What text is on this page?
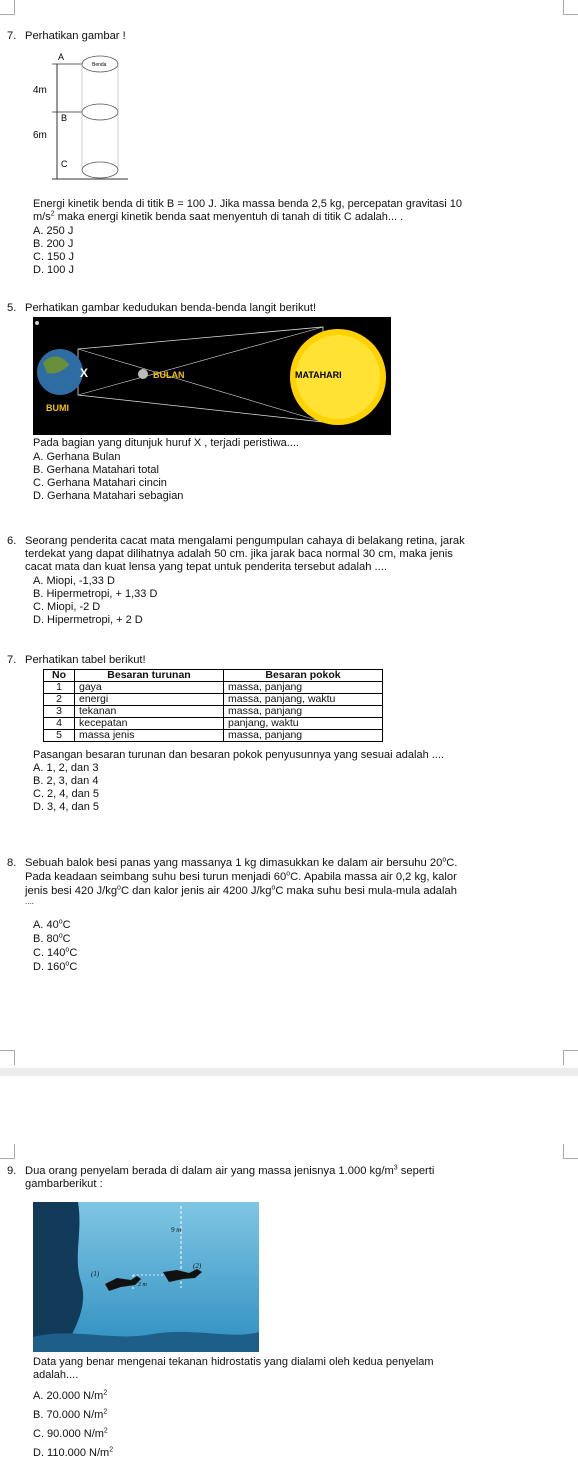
7. Perhatikan gambar !
A
Benda
4m
B
6m
C
Energi kinetik benda di titik B = 100 J. Jika massa benda 2,5 kg, percepatan gravitasi 10
$m/s^2$ maka energi kinetik benda saat menyentuh di tanah di titik C adalah... .
A. 250 J
B. 200 J
C. 150 J
D. 100 J
5. Perhatikan gambar kedudukan benda-benda langit berikut!
X	BULAN	MATAHARI
BUMI
Pada bagian yang ditunjuk huruf X , terjadi peristiwa....
A. Gerhana Bulan
B. Gerhana Matahari total
C. Gerhana Matahari cincin
D. Gerhana Matahari sebagian
6. Seorang penderita cacat mata mengalami pengumpulan cahaya di belakang retina, jarak
terdekat yang dapat dilihatnya adalah 50 cm. jika jarak baca normal 30 cm, maka jenis
cacat mata dan kuat lensa yang tepat untuk penderita tersebut adalah ....
A. Miopi, -1,33 D
B. Hipermetropi, + 1,33 D
C. Miopi, -2 D
D. Hipermetropi, + 2 D
7. Perhatikan tabel berikut!
No	Besaran turunan	Besaran pokok
1	gaya	massa, panjang
2	energi	massa, panjang, waktu
3	tekanan	massa, panjang
4	kecepatan	panjang, waktu
5	massa jenis	massa, panjang
Pasangan besaran turunan dan besaran pokok penyusunnya yang sesuai adalah ....
A. 1, 2, dan 3
B. 2, 3, dan 4
C. 2, 4, dan 5
D. 3, 4, dan 5
8. Sebuah balok besi panas yang massanya 1 kg dimasukkan ke dalam air bersuhu 20$^o$C.
Pada keadaan seimbang suhu besi turun menjadi 60$^o$C. Apabila massa air 0,2 kg, kalor
jenis besi 420 $J/kg^oC$ dan kalor jenis air 4200 $J/kg^oC$ maka suhu besi mula-mula adalah
....
A. 40$^o$C
B. 80$^o$C
C. 140$^o$C
D. 160$^o$C
9. Dua orang penyelam berada di dalam air yang massa jenisnya 1.000 $kg/m^3$ seperti
gambarberikut :
9 m
2 m
(1)
(2)
Data yang benar mengenai tekanan hidrostatis yang dialami oleh kedua penyelam
adalah....
A. 20.000 $N/m^2$
B. 70.000 $N/m^2$
C. 90.000 $N/m^2$
D. 110.000 $N/m^2$
